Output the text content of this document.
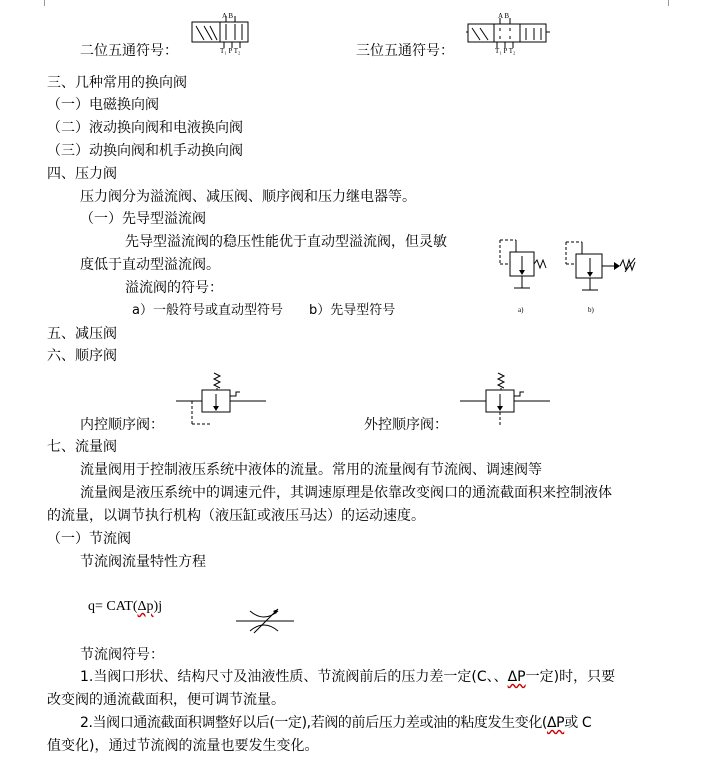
二位五通符号：
A B
T₁ P T₂	三位五通符号：
A B
T₁ P T₂
三、几种常用的换向阀
（一）电磁换向阀
（二）液动换向阀和电液换向阀
（三）动换向阀和机手动换向阀
四、压力阀
压力阀分为溢流阀、减压阀、顺序阀和压力继电器等。
（一）先导型溢流阀
先导型溢流阀的稳压性能优于直动型溢流阀，但灵敏
度低于直动型溢流阀。
溢流阀的符号：
a）一般符号或直动型符号　　b）先导型符号	a)	b)
五、减压阀
六、顺序阀
内控顺序阀：	外控顺序阀：
七、流量阀
流量阀用于控制液压系统中液体的流量。常用的流量阀有节流阀、调速阀等
流量阀是液压系统中的调速元件，其调速原理是依靠改变阀口的通流截面积来控制液体
的流量，以调节执行机构（液压缸或液压马达）的运动速度。
（一）节流阀
节流阀流量特性方程
q= CAT(Δp)j
节流阀符号：
1.当阀口形状、结构尺寸及油液性质、节流阀前后的压力差一定(C、、ΔP一定)时，只要
改变阀的通流截面积，便可调节流量。
2.当阀口通流截面积调整好以后(一定),若阀的前后压力差或油的粘度发生变化(ΔP或 C
值变化)，通过节流阀的流量也要发生变化。
